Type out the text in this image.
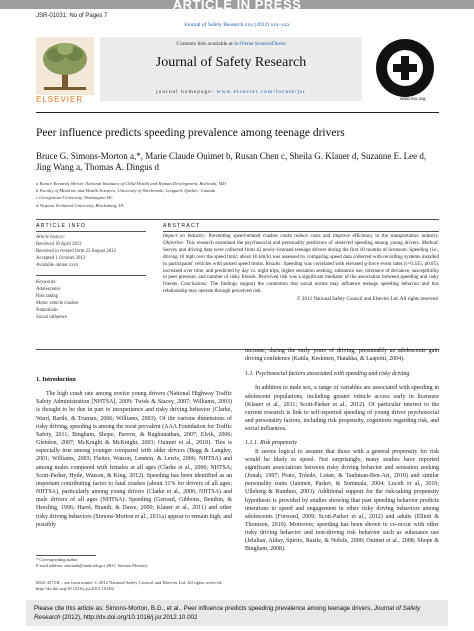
ARTICLE IN PRESS
JSR-01031; No of Pages 7
Journal of Safety Research xxx (2012) xxx–xxx
ELSEVIER
Contents lists available at SciVerse ScienceDirect
Journal of Safety Research
journal homepage: www.elsevier.com/locate/jsr
www.nsc.org
Peer influence predicts speeding prevalence among teenage drivers
Bruce G. Simons-Morton a,*, Marie Claude Ouimet b, Rusan Chen c, Sheila G. Klauer d, Suzanne E. Lee d,
Jing Wang a, Thomas A. Dingus d
a Eunice Kennedy Shriver National Institutes of Child Health and Human Development, Bethesda, MD
b Faculty of Medicine and Health Sciences, University of Sherbrooke, Longueil, Quebec, Canada
c Georgetown University, Washington DC
d Virginia Technical University, Blacksburg, VA
ARTICLE INFO	ABSTRACT
Article history:
Received 10 April 2012
Received in revised form 23 August 2012
Accepted 1 October 2012
Available online xxxx
Keywords:
Adolescence
Risk taking
Motor vehicle crashes
Naturalistic
Social influence
Impact on Industry: Preventing speed-related crashes could reduce costs and improve efficiency in the transportation industry. Objective: This research examined the psychosocial and personality predictors of observed speeding among young drivers. Method: Survey and driving data were collected from 42 newly-licensed teenage drivers during the first 18 months of licensure. Speeding (i.e., driving 10 mph over the speed limit; about 16 km/h) was assessed by comparing speed data collected with recording systems installed in participants' vehicles with posted speed limits. Results: Speeding was correlated with elevated g-force event rates (r=0.335, p0.05), increased over time, and predicted by day vs. night trips, higher sensation seeking, substance use, tolerance of deviance, susceptibility to peer pressure, and number of risky friends. Perceived risk was a significant mediator of the association between speeding and risky friends. Conclusions: The findings support the contention that social norms may influence teenage speeding behavior and this relationship may operate through perceived risk.
© 2012 National Safety Council and Elsevier Ltd. All rights reserved.
1. Introduction
The high crash rate among novice young drivers (National Highway Traffic Safety Administration [NHTSA], 2009; Twisk & Stacey, 2007; Williams, 2003) is thought to be due in part to inexperience and risky driving behavior (Clarke, Ward, Bartle, & Truman, 2006; Williams, 2003). Of the various dimensions of risky driving, speeding is among the most prevalent (AAA Foundation for Traffic Safety, 2011; Bingham, Shope, Parrow, & Raghunathan, 2007; Elvik, 2006; Glendon, 2007; McKnight & McKnight, 2003; Ouimet et al., 2010). This is especially true among younger compared with older drivers (Begg & Langley, 2001; Williams, 2003; Fleiter, Watson, Lennon, & Lewis, 2006; NHTSA) and among males compared with females at all ages (Clarke et al., 2006; NHTSA; Scott-Parker, Hyde, Watson, & King, 2012). Speeding has been identified as an important contributing factor to fatal crashes (about 31% for drivers of all ages; NHTSA), particularly among young drivers (Clarke et al., 2006; NHTSA) and male drivers of all ages (NHTSA). Speeding (Gerrard, Gibbons, Benthin, & Hessling, 1996; Harré, Brandt, & Dawe, 2000; Klauer et al., 2011) and other risky driving behaviors (Simons-Morton et al., 2011a) appear to remain high, and possibly
increase, during the early years of driving, presumably as adolescents gain driving confidence (Katila, Keskinen, Hatakka, & Laapotti, 2004).
1.1. Psychosocial factors associated with speeding and risky driving
In addition to male sex, a range of variables are associated with speeding in adolescent populations, including greater vehicle access early in licensure (Klauer et al., 2011; Scott-Parker et al., 2012). Of particular interest to the current research is link to self-reported speeding of young driver psychosocial and personality factors, including risk propensity, cognitions regarding risk, and social influences.
1.1.1. Risk propensity
It seems logical to assume that those with a general propensity for risk would be likely to speed. Not surprisingly, many studies have reported significant associations between risky driving behavior and sensation seeking (Jonah, 1997; Prato, Toledo, Lotan, & Taubman-Ben-Ari, 2010) and similar personality traits (Jainnen, Parker, & Summala, 2004; Lucidi et al., 2010; Ulleberg & Rundmo, 2003). Additional support for the risk-taking propensity hypothesis is provided by studies showing that past speeding behavior predicts intentions to speed and engagement in other risky driving behaviors among adolescents (Forward, 2009; Scott-Parker et al., 2012) and adults (Elliott & Thomson, 2010). Moreover, speeding has been shown to co-occur with other risky driving behavior and non-driving risk behavior such as substance use (Jelalian, Alday, Spirito, Rasile, & Nobile, 2000; Ouimet et al., 2008; Shope & Bingham, 2008).
* Corresponding author.
E-mail address: mortonb@mail.nih.gov (B.G. Simons-Morton).
0022-4375/$ – see front matter © 2012 National Safety Council and Elsevier Ltd. All rights reserved.
http://dx.doi.org/10.1016/j.jsr.2012.10.002
Please cite this article as: Simons-Morton, B.G., et al., Peer influence predicts speeding prevalence among teenage drivers, Journal of Safety Research (2012), http://dx.doi.org/10.1016/j.jsr.2012.10.002
